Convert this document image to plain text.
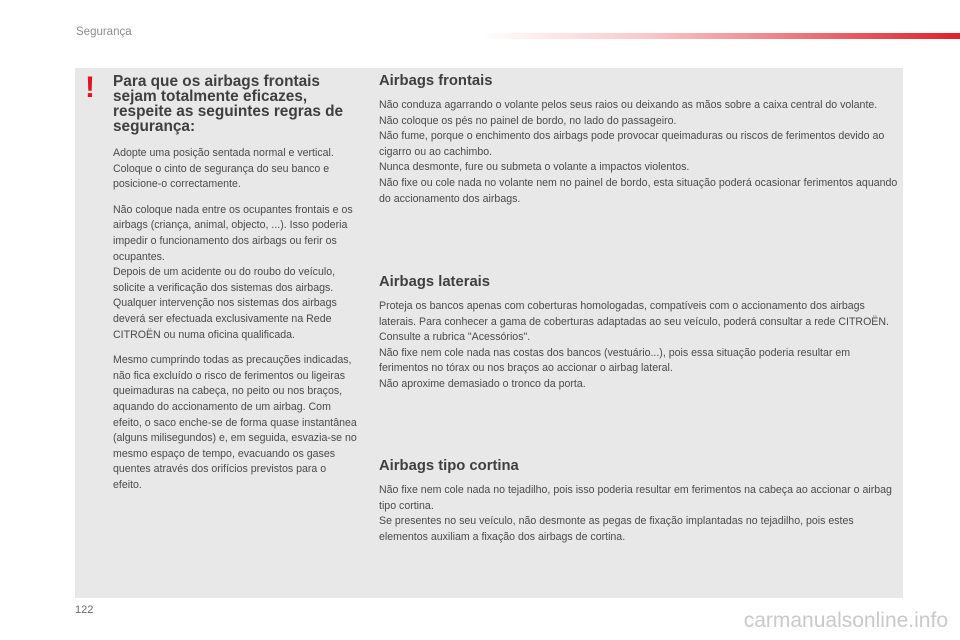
Segurança
! Para que os airbags frontais sejam totalmente eficazes, respeite as seguintes regras de segurança:

Adopte uma posição sentada normal e vertical.
Coloque o cinto de segurança do seu banco e posicione-o correctamente.

Não coloque nada entre os ocupantes frontais e os airbags (criança, animal, objecto, ...). Isso poderia impedir o funcionamento dos airbags ou ferir os ocupantes.
Depois de um acidente ou do roubo do veículo, solicite a verificação dos sistemas dos airbags.
Qualquer intervenção nos sistemas dos airbags deverá ser efectuada exclusivamente na Rede CITROËN ou numa oficina qualificada.

Mesmo cumprindo todas as precauções indicadas, não fica excluído o risco de ferimentos ou ligeiras queimaduras na cabeça, no peito ou nos braços, aquando do accionamento de um airbag. Com efeito, o saco enche-se de forma quase instantânea (alguns milisegundos) e, em seguida, esvazia-se no mesmo espaço de tempo, evacuando os gases quentes através dos orifícios previstos para o efeito.

Airbags frontais

Não conduza agarrando o volante pelos seus raios ou deixando as mãos sobre a caixa central do volante.
Não coloque os pés no painel de bordo, no lado do passageiro.
Não fume, porque o enchimento dos airbags pode provocar queimaduras ou riscos de ferimentos devido ao cigarro ou ao cachimbo.
Nunca desmonte, fure ou submeta o volante a impactos violentos.
Não fixe ou cole nada no volante nem no painel de bordo, esta situação poderá ocasionar ferimentos aquando do accionamento dos airbags.

Airbags laterais

Proteja os bancos apenas com coberturas homologadas, compatíveis com o accionamento dos airbags laterais. Para conhecer a gama de coberturas adaptadas ao seu veículo, poderá consultar a rede CITROËN.
Consulte a rubrica "Acessórios".
Não fixe nem cole nada nas costas dos bancos (vestuário...), pois essa situação poderia resultar em ferimentos no tórax ou nos braços ao accionar o airbag lateral.
Não aproxime demasiado o tronco da porta.

Airbags tipo cortina

Não fixe nem cole nada no tejadilho, pois isso poderia resultar em ferimentos na cabeça ao accionar o airbag tipo cortina.
Se presentes no seu veículo, não desmonte as pegas de fixação implantadas no tejadilho, pois estes elementos auxiliam a fixação dos airbags de cortina.

122	carmanualsonline.info
